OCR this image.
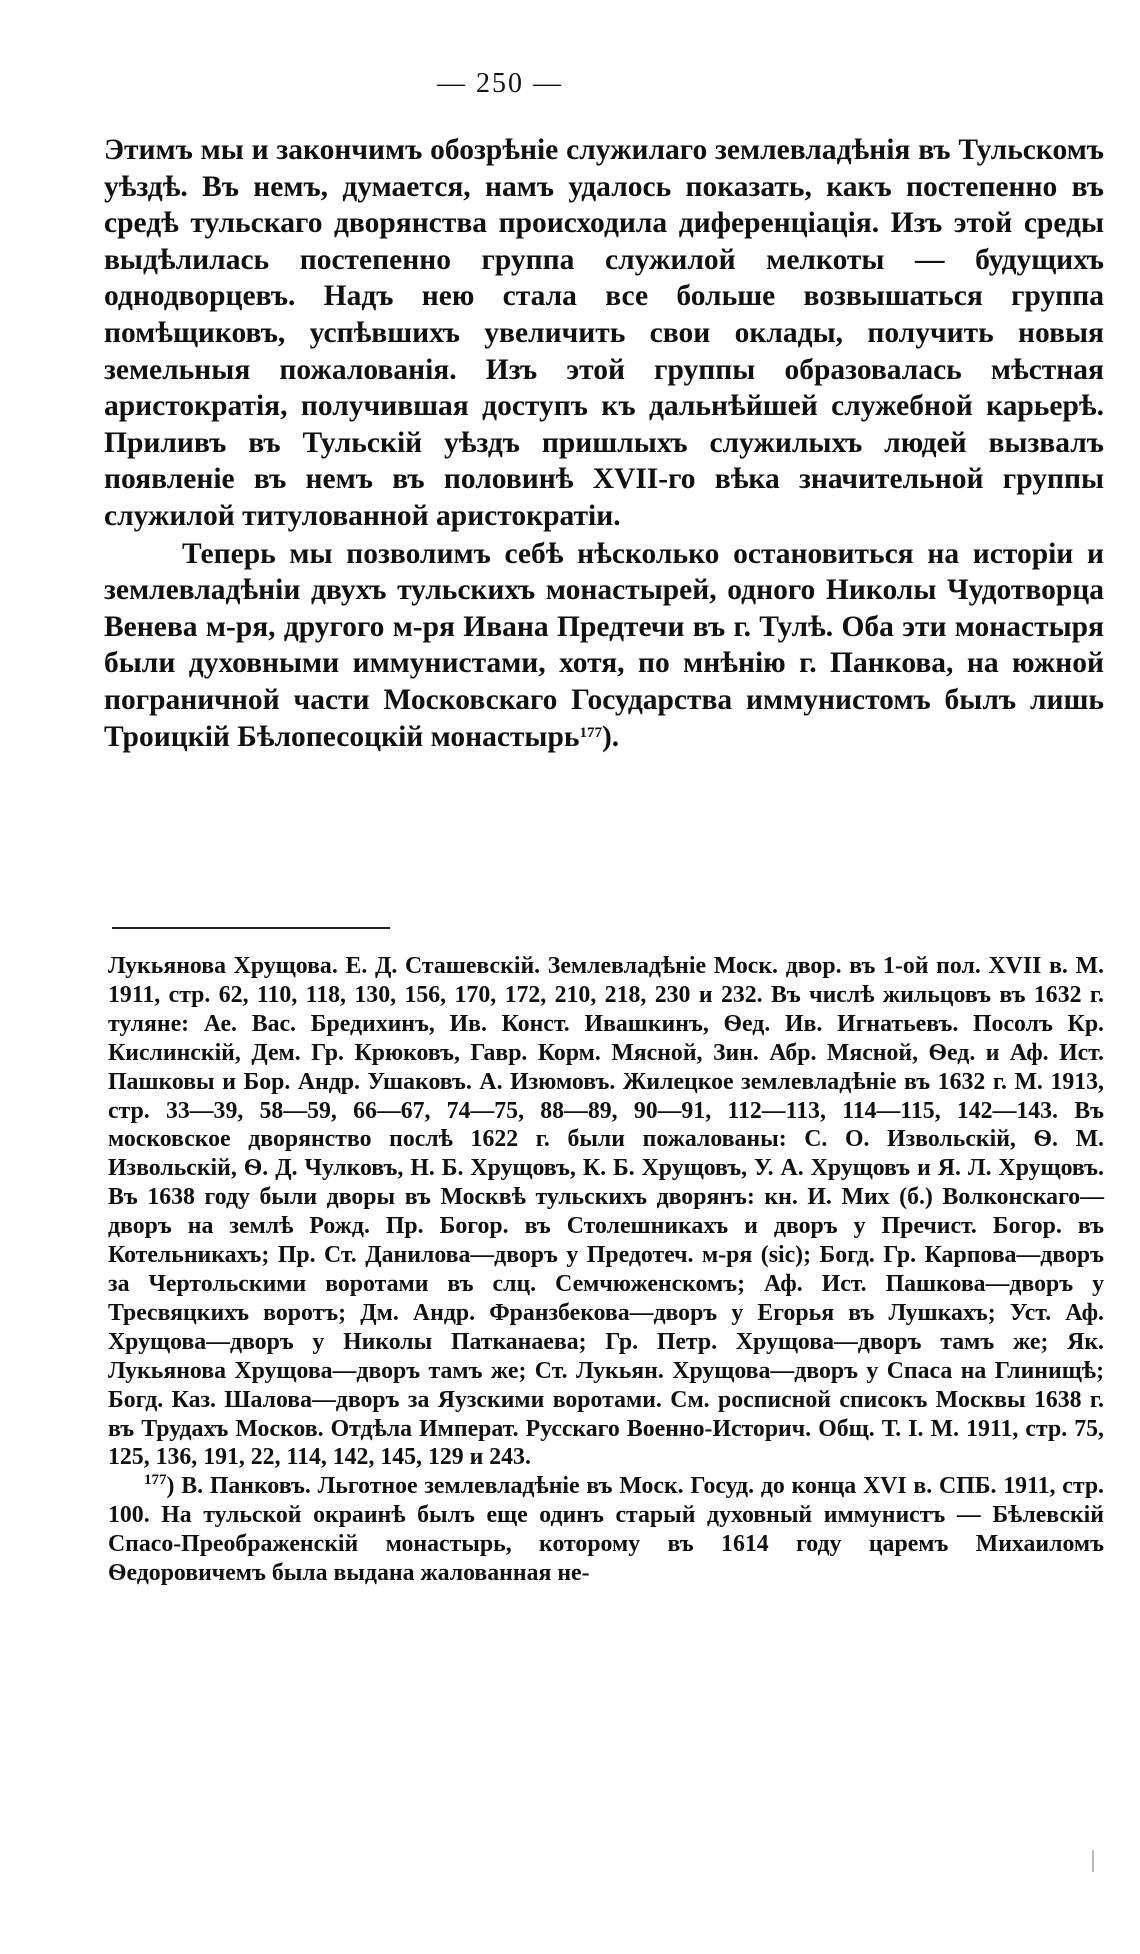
— 250 —

Этимъ мы и закончимъ обозрѣніе служилаго землевладѣнія въ Тульскомъ уѣздѣ. Въ немъ, думается, намъ удалось показать, какъ постепенно въ средѣ тульскаго дворянства происходила диференціація. Изъ этой среды выдѣлилась постепенно группа служилой мелкоты — будущихъ однодворцевъ. Надъ нею стала все больше возвышаться группа помѣщиковъ, успѣвшихъ увеличить свои оклады, получить новыя земельныя пожалованія. Изъ этой группы образовалась мѣстная аристократія, получившая доступъ къ дальнѣйшей служебной карьерѣ. Приливъ въ Тульскій уѣздъ пришлыхъ служилыхъ людей вызвалъ появленіе въ немъ въ половинѣ XVII-го вѣка значительной группы служилой титулованной аристократіи.

Теперь мы позволимъ себѣ нѣсколько остановиться на исторіи и землевладѣніи двухъ тульскихъ монастырей, одного Николы Чудотворца Венева м-ря, другого м-ря Ивана Предтечи въ г. Тулѣ. Оба эти монастыря были духовными иммунистами, хотя, по мнѣнію г. Панкова, на южной пограничной части Московскаго Государства иммунистомъ былъ лишь Троицкій Бѣлопесоцкій монастырь$^{177}$).

Лукьянова Хрущова. Е. Д. Сташевскій. Землевладѣніе Моск. двор. въ 1-ой пол. XVII в. М. 1911, стр. 62, 110, 118, 130, 156, 170, 172, 210, 218, 230 и 232. Въ числѣ жильцовъ въ 1632 г. туляне: Ае. Вас. Бредихинъ, Ив. Конст. Ивашкинъ, Ѳед. Ив. Игнатьевъ. Посолъ Кр. Кислинскій, Дем. Гр. Крюковъ, Гавр. Корм. Мясной, Зин. Абр. Мясной, Ѳед. и Аф. Ист. Пашковы и Бор. Андр. Ушаковъ. А. Изюмовъ. Жилецкое землевладѣніе въ 1632 г. М. 1913, стр. 33—39, 58—59, 66—67, 74—75, 88—89, 90—91, 112—113, 114—115, 142—143. Въ московское дворянство послѣ 1622 г. были пожалованы: С. О. Извольскій, Ѳ. М. Извольскій, Ѳ. Д. Чулковъ, Н. Б. Хрущовъ, К. Б. Хрущовъ, У. А. Хрущовъ и Я. Л. Хрущовъ. Въ 1638 году были дворы въ Москвѣ тульскихъ дворянъ: кн. И. Мих (б.) Волконскаго—дворъ на землѣ Рожд. Пр. Богор. въ Столешникахъ и дворъ у Пречист. Богор. въ Котельникахъ; Пр. Ст. Данилова—дворъ у Предотеч. м-ря (sic); Богд. Гр. Карпова—дворъ за Чертольскими воротами въ слц. Семчюженскомъ; Аф. Ист. Пашкова—дворъ у Тресвяцкихъ воротъ; Дм. Андр. Франзбекова—дворъ у Егорья въ Лушкахъ; Уст. Аф. Хрущова—дворъ у Николы Патканаева; Гр. Петр. Хрущова—дворъ тамъ же; Як. Лукьянова Хрущова—дворъ тамъ же; Ст. Лукьян. Хрущова—дворъ у Спаса на Глинищѣ; Богд. Каз. Шалова—дворъ за Яузскими воротами. См. росписной списокъ Москвы 1638 г. въ Трудахъ Москов. Отдѣла Императ. Русскаго Военно-Историч. Общ. Т. I. М. 1911, стр. 75, 125, 136, 191, 22, 114, 142, 145, 129 и 243.

$^{177}$) В. Панковъ. Льготное землевладѣніе въ Моск. Госуд. до конца XVI в. СПБ. 1911, стр. 100. На тульской окраинѣ былъ еще одинъ старый духовный иммунистъ — Бѣлевскій Спасо-Преображенскій монастырь, которому въ 1614 году царемъ Михаиломъ Ѳедоровичемъ была выдана жалованная не-
